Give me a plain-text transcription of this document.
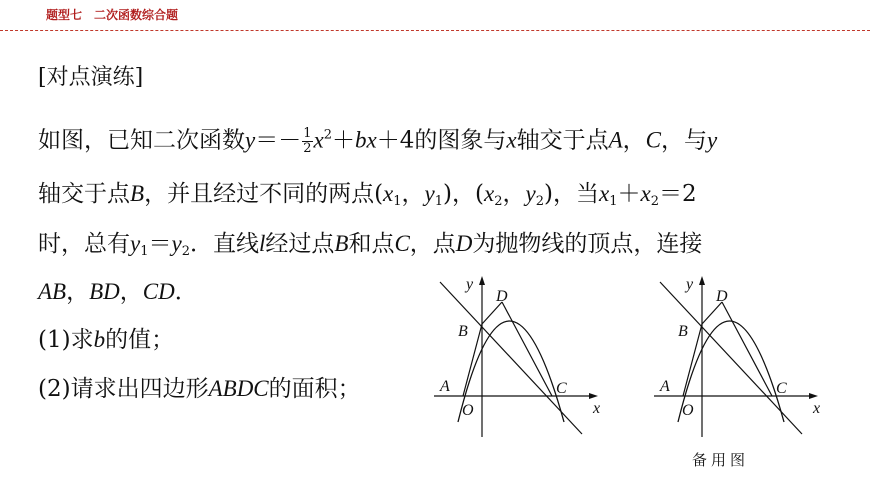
题型七　二次函数综合题
[对点演练]
如图，已知二次函数$y=- \frac{1}{2} x^2+bx+4$的图象与x轴交于点A，C，与y
轴交于点B，并且经过不同的两点($x_1$，$y_1$)，($x_2$，$y_2$)，当$x_1+x_2=2$
时，总有$y_1=y_2$．直线l经过点B和点C，点D为抛物线的顶点，连接
AB，BD，CD．
(1)求b的值；
(2)请求出四边形ABDC的面积；
y
x
O
A
B
C
D
y
x
O
A
B
C
D
备用图
